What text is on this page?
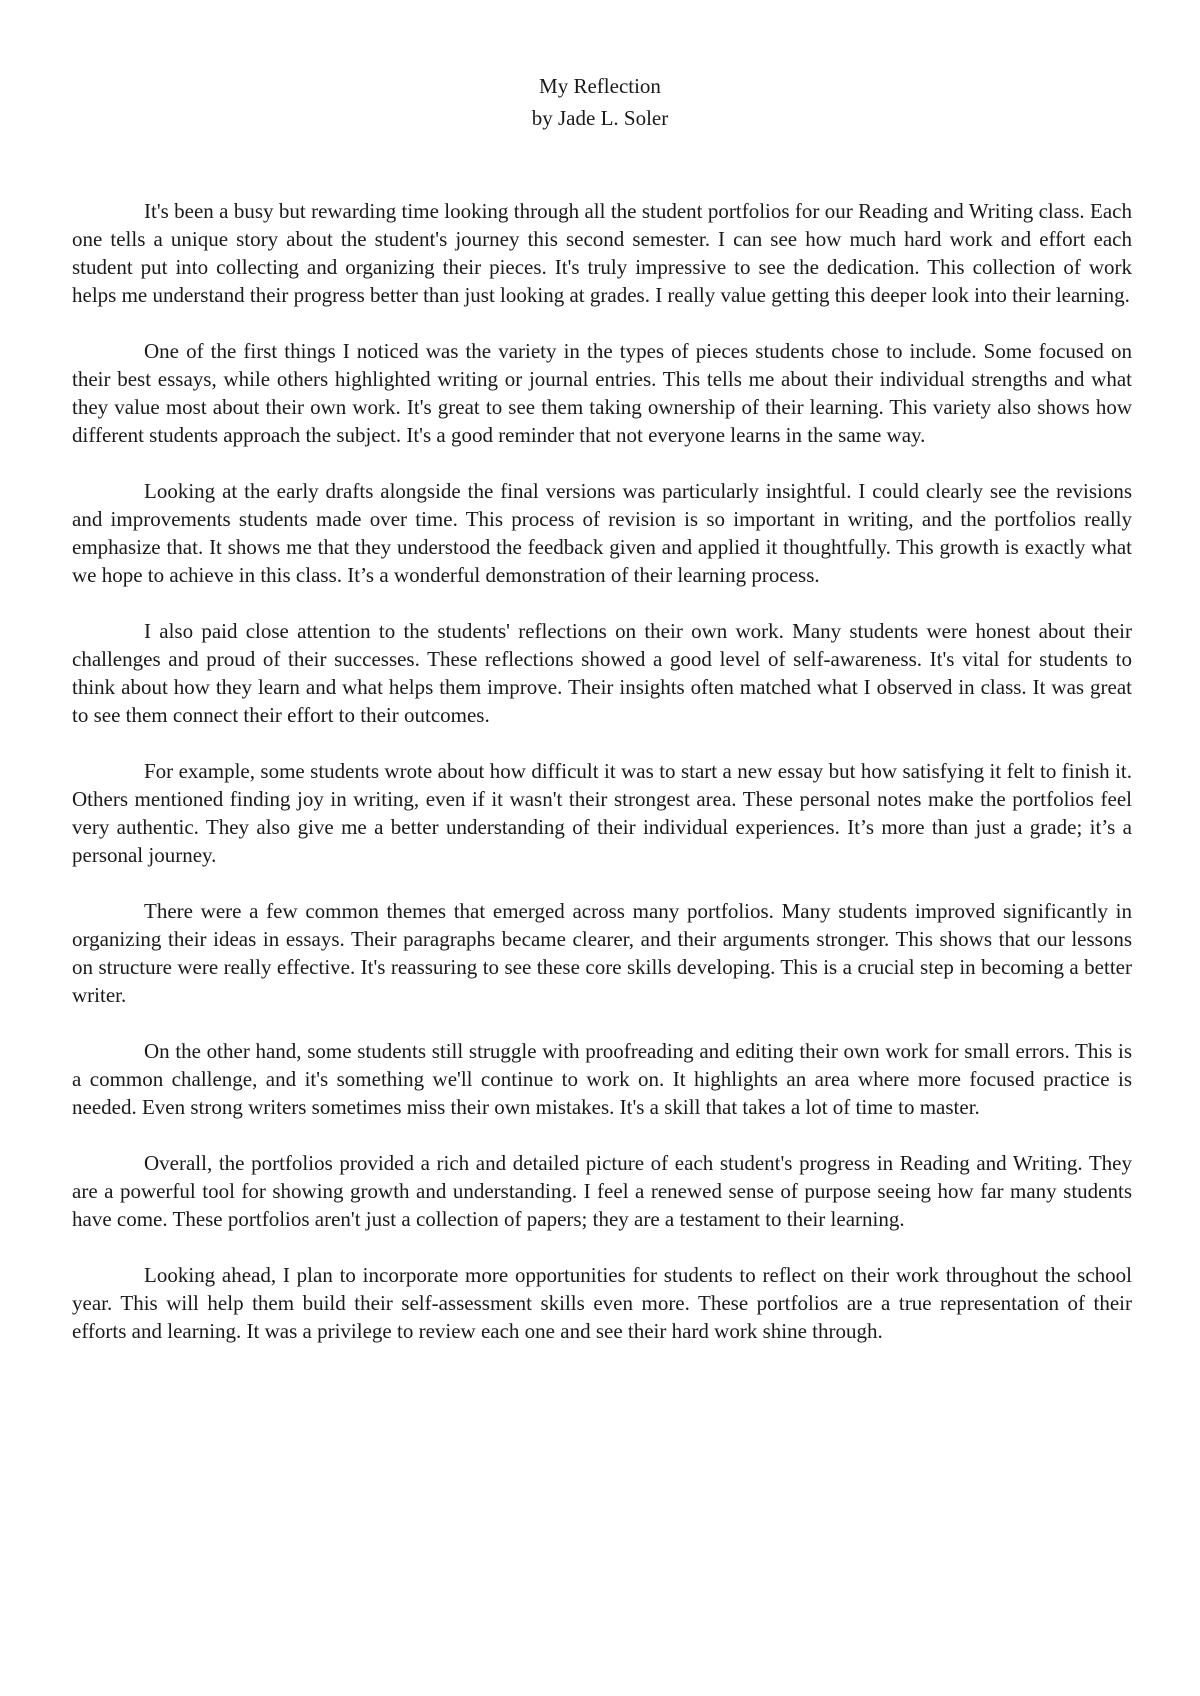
My Reflection
by Jade L. Soler

It's been a busy but rewarding time looking through all the student portfolios for our Reading and Writing class. Each one tells a unique story about the student's journey this second semester. I can see how much hard work and effort each student put into collecting and organizing their pieces. It's truly impressive to see the dedication. This collection of work helps me understand their progress better than just looking at grades. I really value getting this deeper look into their learning.

One of the first things I noticed was the variety in the types of pieces students chose to include. Some focused on their best essays, while others highlighted writing or journal entries. This tells me about their individual strengths and what they value most about their own work. It's great to see them taking ownership of their learning. This variety also shows how different students approach the subject. It's a good reminder that not everyone learns in the same way.

Looking at the early drafts alongside the final versions was particularly insightful. I could clearly see the revisions and improvements students made over time. This process of revision is so important in writing, and the portfolios really emphasize that. It shows me that they understood the feedback given and applied it thoughtfully. This growth is exactly what we hope to achieve in this class. It’s a wonderful demonstration of their learning process.

I also paid close attention to the students' reflections on their own work. Many students were honest about their challenges and proud of their successes. These reflections showed a good level of self-awareness. It's vital for students to think about how they learn and what helps them improve. Their insights often matched what I observed in class. It was great to see them connect their effort to their outcomes.

For example, some students wrote about how difficult it was to start a new essay but how satisfying it felt to finish it. Others mentioned finding joy in writing, even if it wasn't their strongest area. These personal notes make the portfolios feel very authentic. They also give me a better understanding of their individual experiences. It’s more than just a grade; it’s a personal journey.

There were a few common themes that emerged across many portfolios. Many students improved significantly in organizing their ideas in essays. Their paragraphs became clearer, and their arguments stronger. This shows that our lessons on structure were really effective. It's reassuring to see these core skills developing. This is a crucial step in becoming a better writer.

On the other hand, some students still struggle with proofreading and editing their own work for small errors. This is a common challenge, and it's something we'll continue to work on. It highlights an area where more focused practice is needed. Even strong writers sometimes miss their own mistakes. It's a skill that takes a lot of time to master.

Overall, the portfolios provided a rich and detailed picture of each student's progress in Reading and Writing. They are a powerful tool for showing growth and understanding. I feel a renewed sense of purpose seeing how far many students have come. These portfolios aren't just a collection of papers; they are a testament to their learning.

Looking ahead, I plan to incorporate more opportunities for students to reflect on their work throughout the school year. This will help them build their self-assessment skills even more. These portfolios are a true representation of their efforts and learning. It was a privilege to review each one and see their hard work shine through.
